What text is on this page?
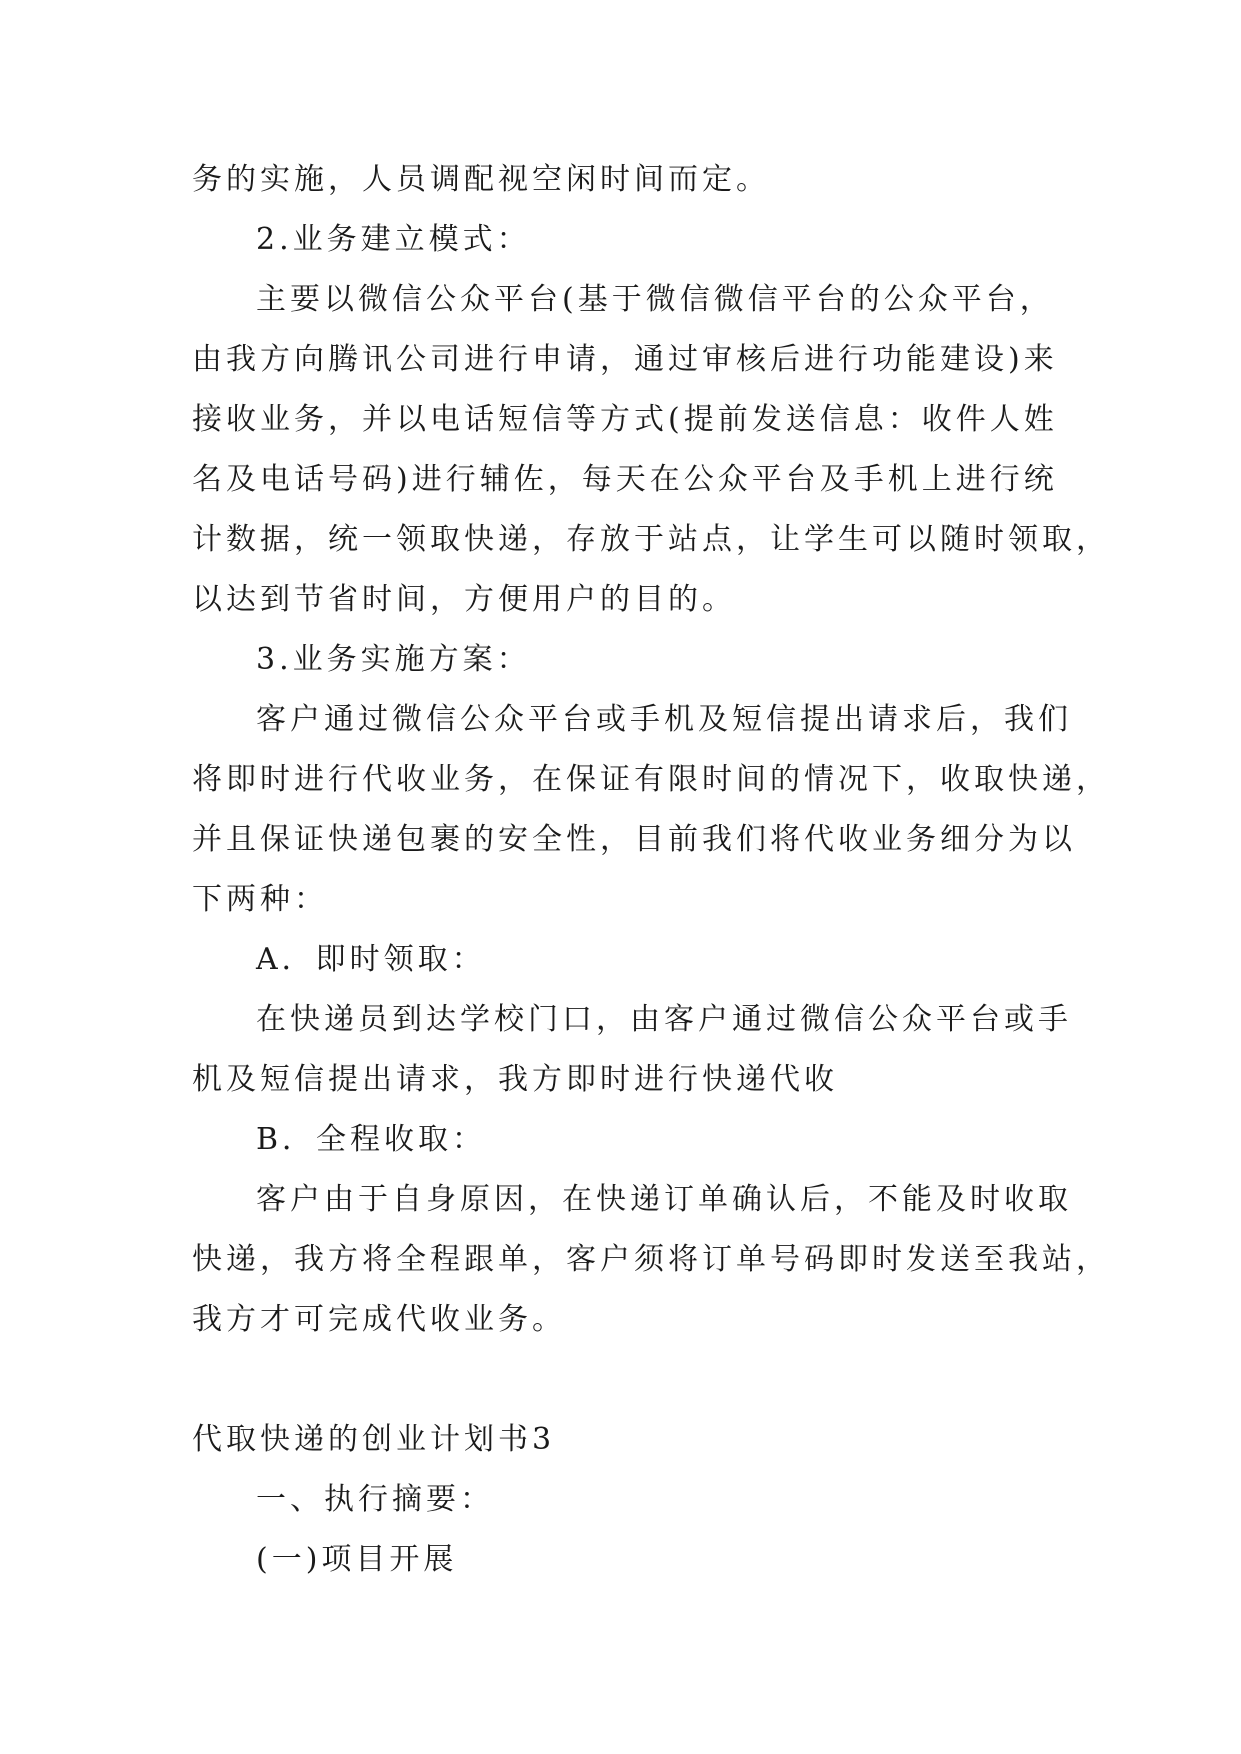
务的实施，人员调配视空闲时间而定。
2.业务建立模式：
主要以微信公众平台(基于微信微信平台的公众平台，
由我方向腾讯公司进行申请，通过审核后进行功能建设)来
接收业务，并以电话短信等方式(提前发送信息：收件人姓
名及电话号码)进行辅佐，每天在公众平台及手机上进行统
计数据，统一领取快递，存放于站点，让学生可以随时领取，
以达到节省时间，方便用户的目的。
3.业务实施方案：
客户通过微信公众平台或手机及短信提出请求后，我们
将即时进行代收业务，在保证有限时间的情况下，收取快递，
并且保证快递包裹的安全性，目前我们将代收业务细分为以
下两种：
A．即时领取：
在快递员到达学校门口，由客户通过微信公众平台或手
机及短信提出请求，我方即时进行快递代收
B．全程收取：
客户由于自身原因，在快递订单确认后，不能及时收取
快递，我方将全程跟单，客户须将订单号码即时发送至我站，
我方才可完成代收业务。
代取快递的创业计划书3
一、执行摘要：
(一)项目开展
